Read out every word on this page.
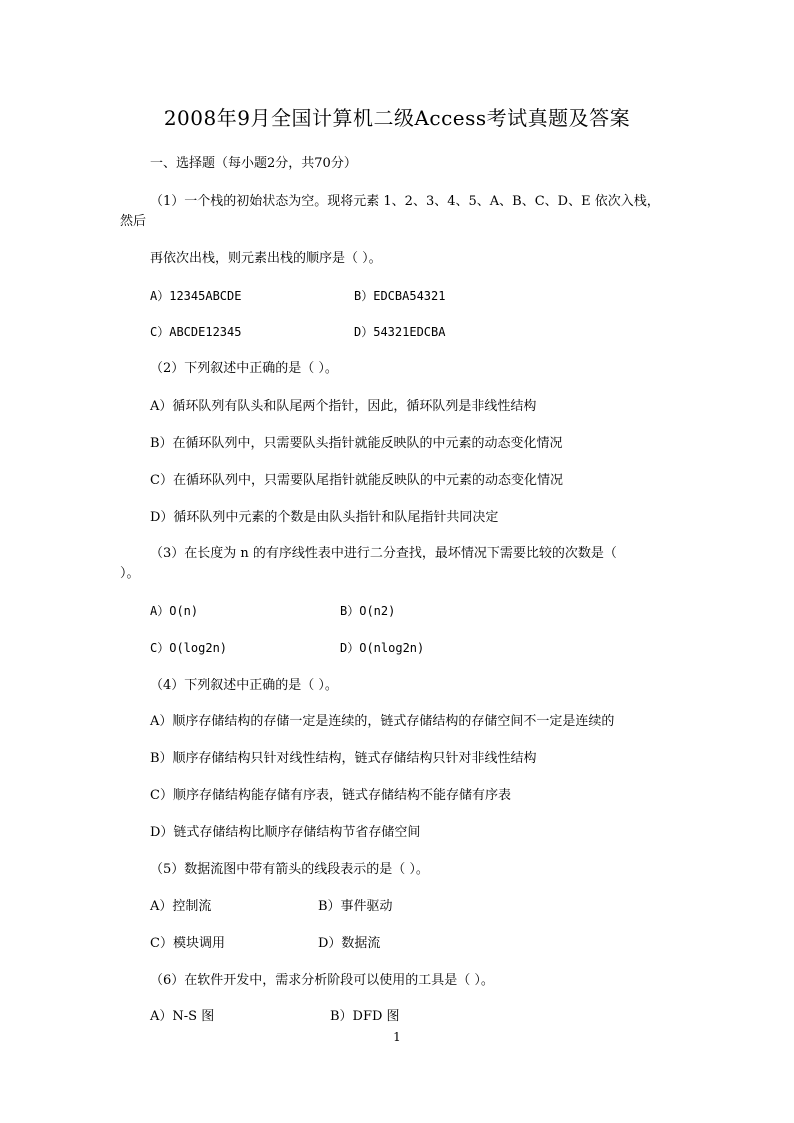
2008年9月全国计算机二级Access考试真题及答案
一、选择题（每小题2分，共70分）
（1）一个栈的初始状态为空。现将元素 1、2、3、4、5、A、B、C、D、E 依次入栈，
然后
再依次出栈，则元素出栈的顺序是（ ）。
A）12345ABCDE	B）EDCBA54321
C）ABCDE12345	D）54321EDCBA
（2）下列叙述中正确的是（ ）。
A）循环队列有队头和队尾两个指针，因此，循环队列是非线性结构
B）在循环队列中，只需要队头指针就能反映队的中元素的动态变化情况
C）在循环队列中，只需要队尾指针就能反映队的中元素的动态变化情况
D）循环队列中元素的个数是由队头指针和队尾指针共同决定
（3）在长度为 n 的有序线性表中进行二分查找，最坏情况下需要比较的次数是（
）。
A）O(n)	B）O(n2)
C）O(log2n)	D）O(nlog2n)
（4）下列叙述中正确的是（ ）。
A）顺序存储结构的存储一定是连续的，链式存储结构的存储空间不一定是连续的
B）顺序存储结构只针对线性结构，链式存储结构只针对非线性结构
C）顺序存储结构能存储有序表，链式存储结构不能存储有序表
D）链式存储结构比顺序存储结构节省存储空间
（5）数据流图中带有箭头的线段表示的是（ ）。
A）控制流	B）事件驱动
C）模块调用	D）数据流
（6）在软件开发中，需求分析阶段可以使用的工具是（ ）。
A）N-S 图	B）DFD 图
1
